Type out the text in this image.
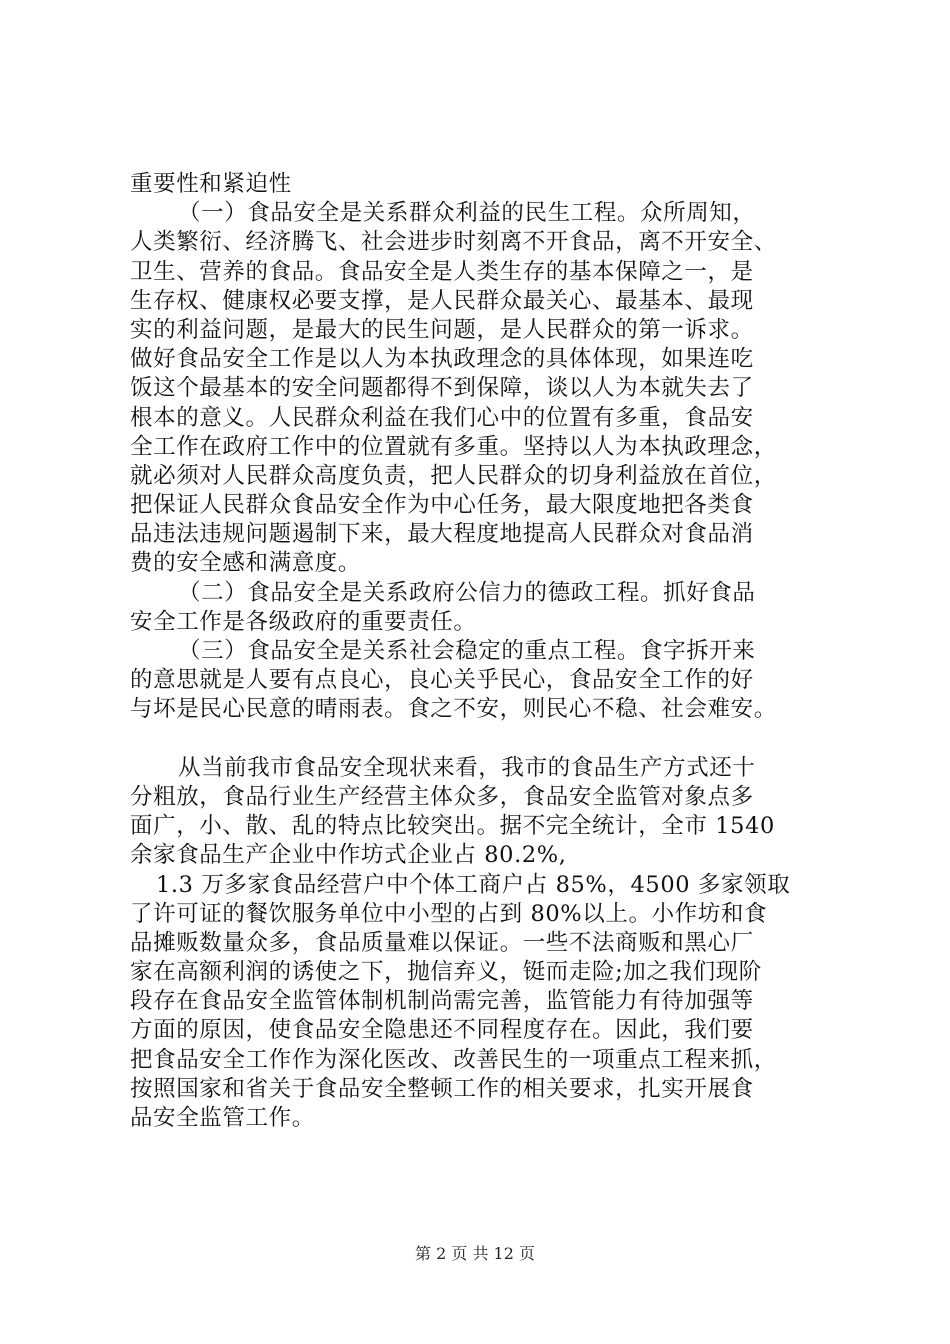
重要性和紧迫性
（一）食品安全是关系群众利益的民生工程。众所周知，
人类繁衍、经济腾飞、社会进步时刻离不开食品，离不开安全、
卫生、营养的食品。食品安全是人类生存的基本保障之一，是
生存权、健康权必要支撑，是人民群众最关心、最基本、最现
实的利益问题，是最大的民生问题，是人民群众的第一诉求。
做好食品安全工作是以人为本执政理念的具体体现，如果连吃
饭这个最基本的安全问题都得不到保障，谈以人为本就失去了
根本的意义。人民群众利益在我们心中的位置有多重，食品安
全工作在政府工作中的位置就有多重。坚持以人为本执政理念，
就必须对人民群众高度负责，把人民群众的切身利益放在首位，
把保证人民群众食品安全作为中心任务，最大限度地把各类食
品违法违规问题遏制下来，最大程度地提高人民群众对食品消
费的安全感和满意度。
（二）食品安全是关系政府公信力的德政工程。抓好食品
安全工作是各级政府的重要责任。
（三）食品安全是关系社会稳定的重点工程。食字拆开来
的意思就是人要有点良心，良心关乎民心，食品安全工作的好
与坏是民心民意的晴雨表。食之不安，则民心不稳、社会难安。
从当前我市食品安全现状来看，我市的食品生产方式还十
分粗放，食品行业生产经营主体众多，食品安全监管对象点多
面广，小、散、乱的特点比较突出。据不完全统计，全市 1540
余家食品生产企业中作坊式企业占 80.2%,
1.3 万多家食品经营户中个体工商户占 85%，4500 多家领取
了许可证的餐饮服务单位中小型的占到 80%以上。小作坊和食
品摊贩数量众多，食品质量难以保证。一些不法商贩和黑心厂
家在高额利润的诱使之下，抛信弃义，铤而走险;加之我们现阶
段存在食品安全监管体制机制尚需完善，监管能力有待加强等
方面的原因，使食品安全隐患还不同程度存在。因此，我们要
把食品安全工作作为深化医改、改善民生的一项重点工程来抓，
按照国家和省关于食品安全整顿工作的相关要求，扎实开展食
品安全监管工作。
第 2 页 共 12 页
